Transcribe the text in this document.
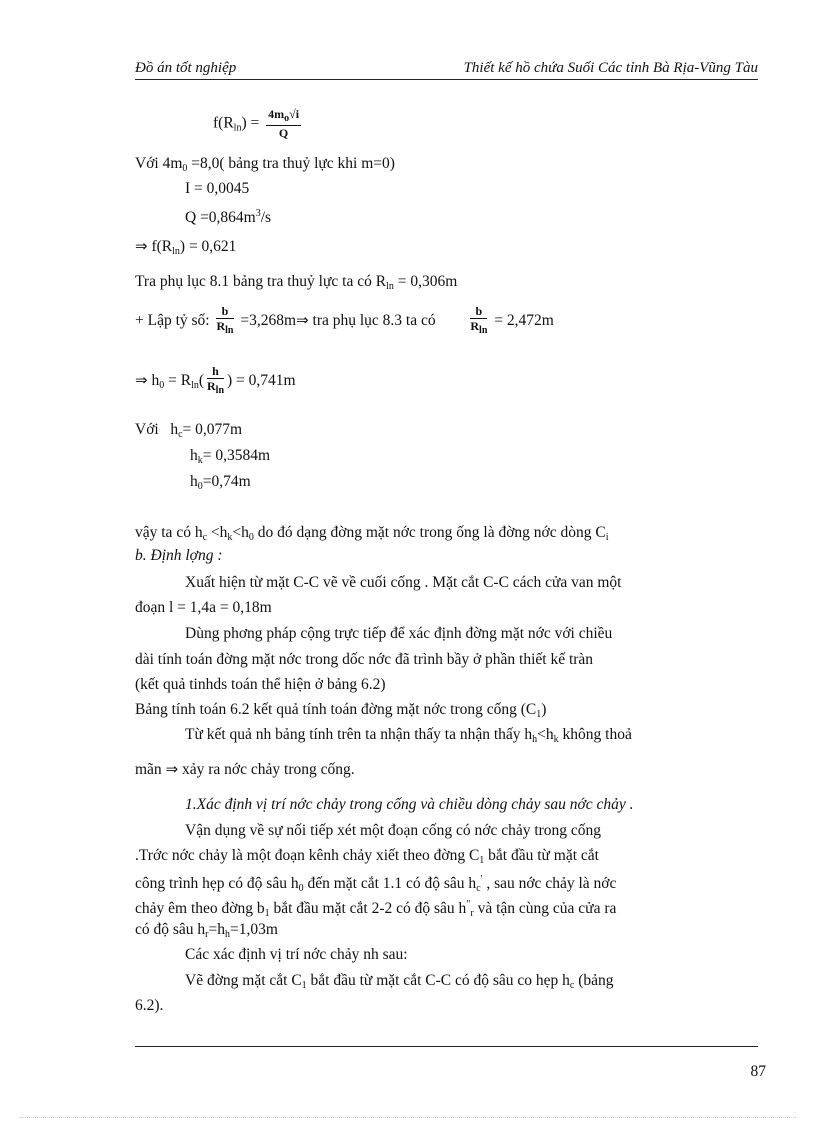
Đồ án tốt nghiệp	Thiết kế hồ chứa Suối Các tỉnh Bà Rịa-Vũng Tàu
$f(R_{ln}) = \frac{4m_o√i}{Q}$
Với $4m_0 =8,0$( bảng tra thuỷ lực khi m=0)
I = 0,0045
$Q =0,864m^3/s$
⇒ $f(R_{ln}) = 0,621$
Tra phụ lục 8.1 bảng tra thuỷ lực ta có $R_{ln} = 0,306m$
+ Lập tỷ số: $\frac{b}{R_{ln}}$ =3,268m⇒ tra phụ lục 8.3 ta có	$\frac{b}{R_{ln}} = 2,472m$
⇒ $h_0 = R_{ln}( \frac{h}{R_{ln}}$ ) = 0,741m
Với $h_c= 0,077m$
$h_k= 0,3584m$
$h_0=0,74m$
vậy ta có $h_c <h_k<h_0$ do đó dạng đờng mặt nớc trong ống là đờng nớc dòng $C_i$
b. Định lợng :
Xuất hiện từ mặt C-C vẽ về cuối cống . Mặt cắt C-C cách cửa van một
đoạn l = 1,4a = 0,18m
Dùng phơng pháp cộng trực tiếp để xác định đờng mặt nớc với chiều
dài tính toán đờng mặt nớc trong dốc nớc đã trình bầy ở phần thiết kế tràn
(kết quả tinhds toán thể hiện ở bảng 6.2)
Bảng tính toán 6.2 kết quả tính toán đờng mặt nớc trong cống $(C_1)$
Từ kết quả nh bảng tính trên ta nhận thấy ta nhận thấy $h_h<h_k$ không thoả
mãn ⇒ xảy ra nớc chảy trong cống.
1.Xác định vị trí nớc chảy trong cống và chiều dòng chảy sau nớc chảy .
Vận dụng về sự nối tiếp xét một đoạn cống có nớc chảy trong cống
.Trớc nớc chảy là một đoạn kênh chảy xiết theo đờng $C_1$ bắt đầu từ mặt cắt
công trình hẹp có độ sâu $h_0$ đến mặt cắt 1.1 có độ sâu $h_c'$ , sau nớc chảy là nớc
chảy êm theo đờng $b_1$ bắt đầu mặt cắt 2-2 có độ sâu $h^"_r$ và tận cùng của cửa ra
có độ sâu $h_r=h_h=1,03m$
Các xác định vị trí nớc chảy nh sau:
Vẽ đờng mặt cắt $C_1$ bắt đầu từ mặt cắt C-C có độ sâu co hẹp $h_c$ (bảng
6.2).
87
